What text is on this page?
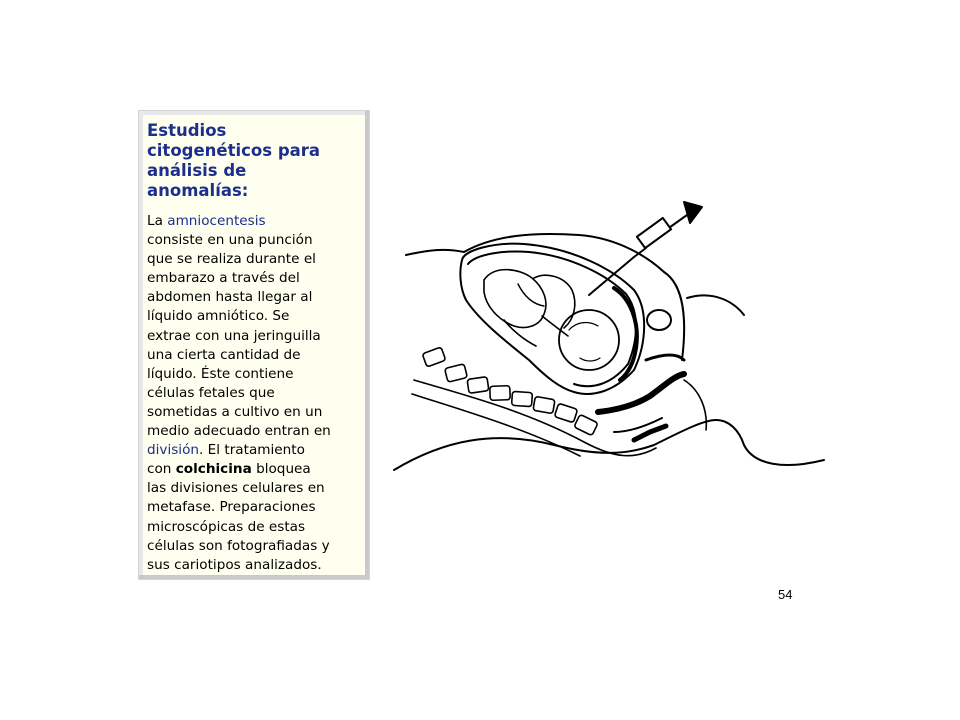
Estudios
citogenéticos para
análisis de
anomalías:

La amniocentesis
consiste en una punción
que se realiza durante el
embarazo a través del
abdomen hasta llegar al
líquido amniótico. Se
extrae con una jeringuilla
una cierta cantidad de
líquido. Éste contiene
células fetales que
sometidas a cultivo en un
medio adecuado entran en
división. El tratamiento
con colchicina bloquea
las divisiones celulares en
metafase. Preparaciones
microscópicas de estas
células son fotografiadas y
sus cariotipos analizados.

54
